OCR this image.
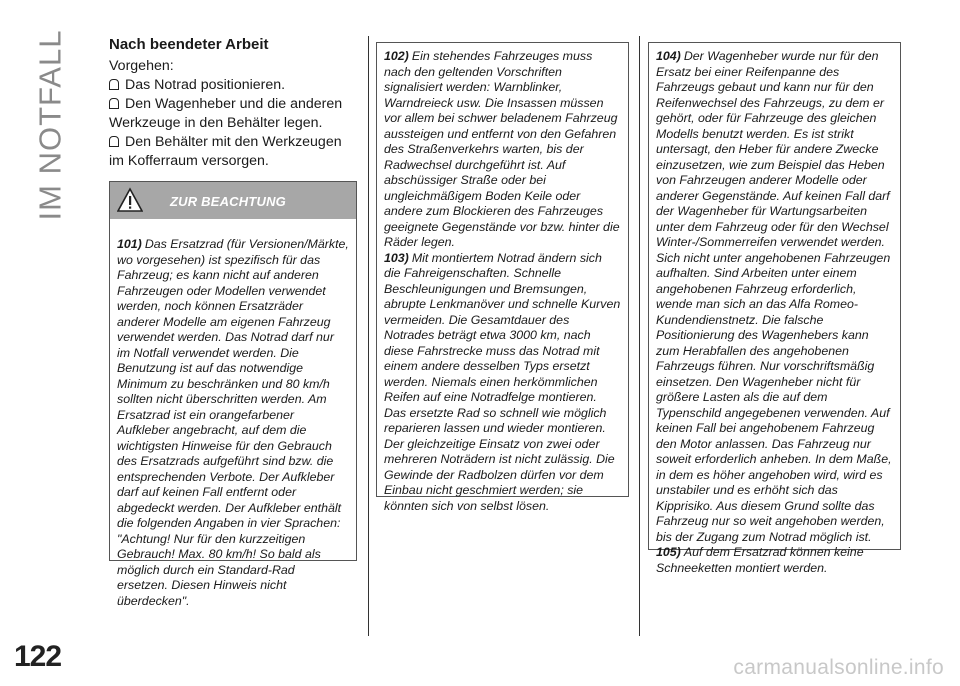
IM NOTFALL
122
Nach beendeter Arbeit

Vorgehen:

Das Notrad positionieren.

Den Wagenheber und die anderen Werkzeuge in den Behälter legen.

Den Behälter mit den Werkzeugen im Kofferraum versorgen.

ZUR BEACHTUNG

101) Das Ersatzrad (für Versionen/Märkte, wo vorgesehen) ist spezifisch für das Fahrzeug; es kann nicht auf anderen Fahrzeugen oder Modellen verwendet werden, noch können Ersatzräder anderer Modelle am eigenen Fahrzeug verwendet werden. Das Notrad darf nur im Notfall verwendet werden. Die Benutzung ist auf das notwendige Minimum zu beschränken und 80 km/h sollten nicht überschritten werden. Am Ersatzrad ist ein orangefarbener Aufkleber angebracht, auf dem die wichtigsten Hinweise für den Gebrauch des Ersatzrads aufgeführt sind bzw. die entsprechenden Verbote. Der Aufkleber darf auf keinen Fall entfernt oder abgedeckt werden. Der Aufkleber enthält die folgenden Angaben in vier Sprachen: "Achtung! Nur für den kurzzeitigen Gebrauch! Max. 80 km/h! So bald als möglich durch ein Standard-Rad ersetzen. Diesen Hinweis nicht überdecken".

102) Ein stehendes Fahrzeuges muss nach den geltenden Vorschriften signalisiert werden: Warnblinker, Warndreieck usw. Die Insassen müssen vor allem bei schwer beladenem Fahrzeug aussteigen und entfernt von den Gefahren des Straßenverkehrs warten, bis der Radwechsel durchgeführt ist. Auf abschüssiger Straße oder bei ungleichmäßigem Boden Keile oder andere zum Blockieren des Fahrzeuges geeignete Gegenstände vor bzw. hinter die Räder legen.

103) Mit montiertem Notrad ändern sich die Fahreigenschaften. Schnelle Beschleunigungen und Bremsungen, abrupte Lenkmanöver und schnelle Kurven vermeiden. Die Gesamtdauer des Notrades beträgt etwa 3000 km, nach diese Fahrstrecke muss das Notrad mit einem andere desselben Typs ersetzt werden. Niemals einen herkömmlichen Reifen auf eine Notradfelge montieren. Das ersetzte Rad so schnell wie möglich reparieren lassen und wieder montieren. Der gleichzeitige Einsatz von zwei oder mehreren Noträdern ist nicht zulässig. Die Gewinde der Radbolzen dürfen vor dem Einbau nicht geschmiert werden; sie könnten sich von selbst lösen.

104) Der Wagenheber wurde nur für den Ersatz bei einer Reifenpanne des Fahrzeugs gebaut und kann nur für den Reifenwechsel des Fahrzeugs, zu dem er gehört, oder für Fahrzeuge des gleichen Modells benutzt werden. Es ist strikt untersagt, den Heber für andere Zwecke einzusetzen, wie zum Beispiel das Heben von Fahrzeugen anderer Modelle oder anderer Gegenstände. Auf keinen Fall darf der Wagenheber für Wartungsarbeiten unter dem Fahrzeug oder für den Wechsel Winter-/Sommerreifen verwendet werden. Sich nicht unter angehobenen Fahrzeugen aufhalten. Sind Arbeiten unter einem angehobenen Fahrzeug erforderlich, wende man sich an das Alfa Romeo-Kundendienstnetz. Die falsche Positionierung des Wagenhebers kann zum Herabfallen des angehobenen Fahrzeugs führen. Nur vorschriftsmäßig einsetzen. Den Wagenheber nicht für größere Lasten als die auf dem Typenschild angegebenen verwenden. Auf keinen Fall bei angehobenem Fahrzeug den Motor anlassen. Das Fahrzeug nur soweit erforderlich anheben. In dem Maße, in dem es höher angehoben wird, wird es unstabiler und es erhöht sich das Kipprisiko. Aus diesem Grund sollte das Fahrzeug nur so weit angehoben werden, bis der Zugang zum Notrad möglich ist.

105) Auf dem Ersatzrad können keine Schneeketten montiert werden.

carmanualsonline.info
